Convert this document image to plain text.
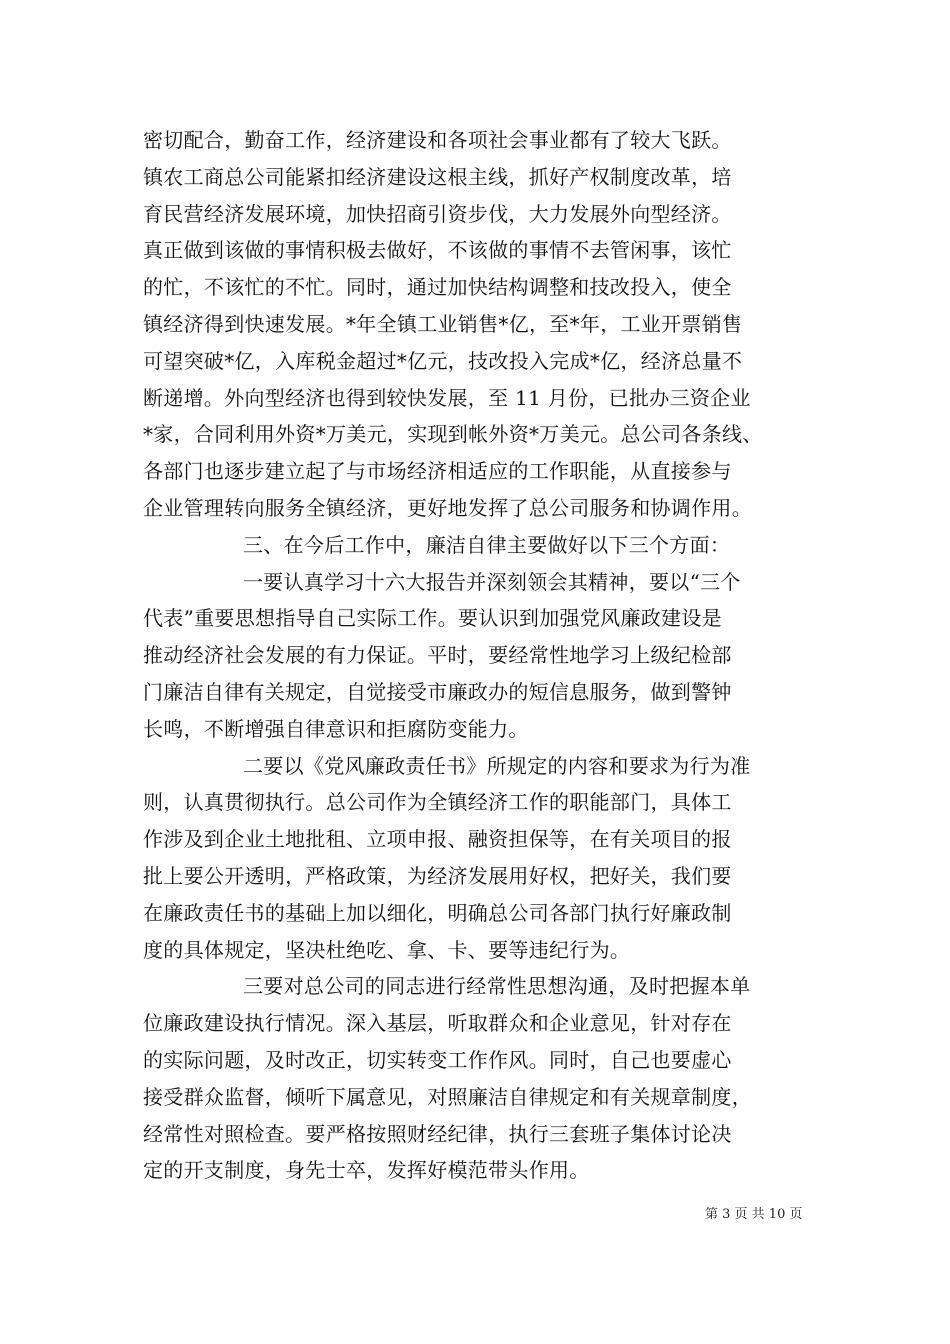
密切配合，勤奋工作，经济建设和各项社会事业都有了较大飞跃。
镇农工商总公司能紧扣经济建设这根主线，抓好产权制度改革，培
育民营经济发展环境，加快招商引资步伐，大力发展外向型经济。
真正做到该做的事情积极去做好，不该做的事情不去管闲事，该忙
的忙，不该忙的不忙。同时，通过加快结构调整和技改投入，使全
镇经济得到快速发展。*年全镇工业销售*亿，至*年，工业开票销售
可望突破*亿，入库税金超过*亿元，技改投入完成*亿，经济总量不
断递增。外向型经济也得到较快发展，至 11 月份，已批办三资企业
*家，合同利用外资*万美元，实现到帐外资*万美元。总公司各条线、
各部门也逐步建立起了与市场经济相适应的工作职能，从直接参与
企业管理转向服务全镇经济，更好地发挥了总公司服务和协调作用。
三、在今后工作中，廉洁自律主要做好以下三个方面：
一要认真学习十六大报告并深刻领会其精神，要以“三个
代表”重要思想指导自己实际工作。要认识到加强党风廉政建设是
推动经济社会发展的有力保证。平时，要经常性地学习上级纪检部
门廉洁自律有关规定，自觉接受市廉政办的短信息服务，做到警钟
长鸣，不断增强自律意识和拒腐防变能力。
二要以《党风廉政责任书》所规定的内容和要求为行为准
则，认真贯彻执行。总公司作为全镇经济工作的职能部门，具体工
作涉及到企业土地批租、立项申报、融资担保等，在有关项目的报
批上要公开透明，严格政策，为经济发展用好权，把好关，我们要
在廉政责任书的基础上加以细化，明确总公司各部门执行好廉政制
度的具体规定，坚决杜绝吃、拿、卡、要等违纪行为。
三要对总公司的同志进行经常性思想沟通，及时把握本单
位廉政建设执行情况。深入基层，听取群众和企业意见，针对存在
的实际问题，及时改正，切实转变工作作风。同时，自己也要虚心
接受群众监督，倾听下属意见，对照廉洁自律规定和有关规章制度，
经常性对照检查。要严格按照财经纪律，执行三套班子集体讨论决
定的开支制度，身先士卒，发挥好模范带头作用。
第 3 页 共 10 页
